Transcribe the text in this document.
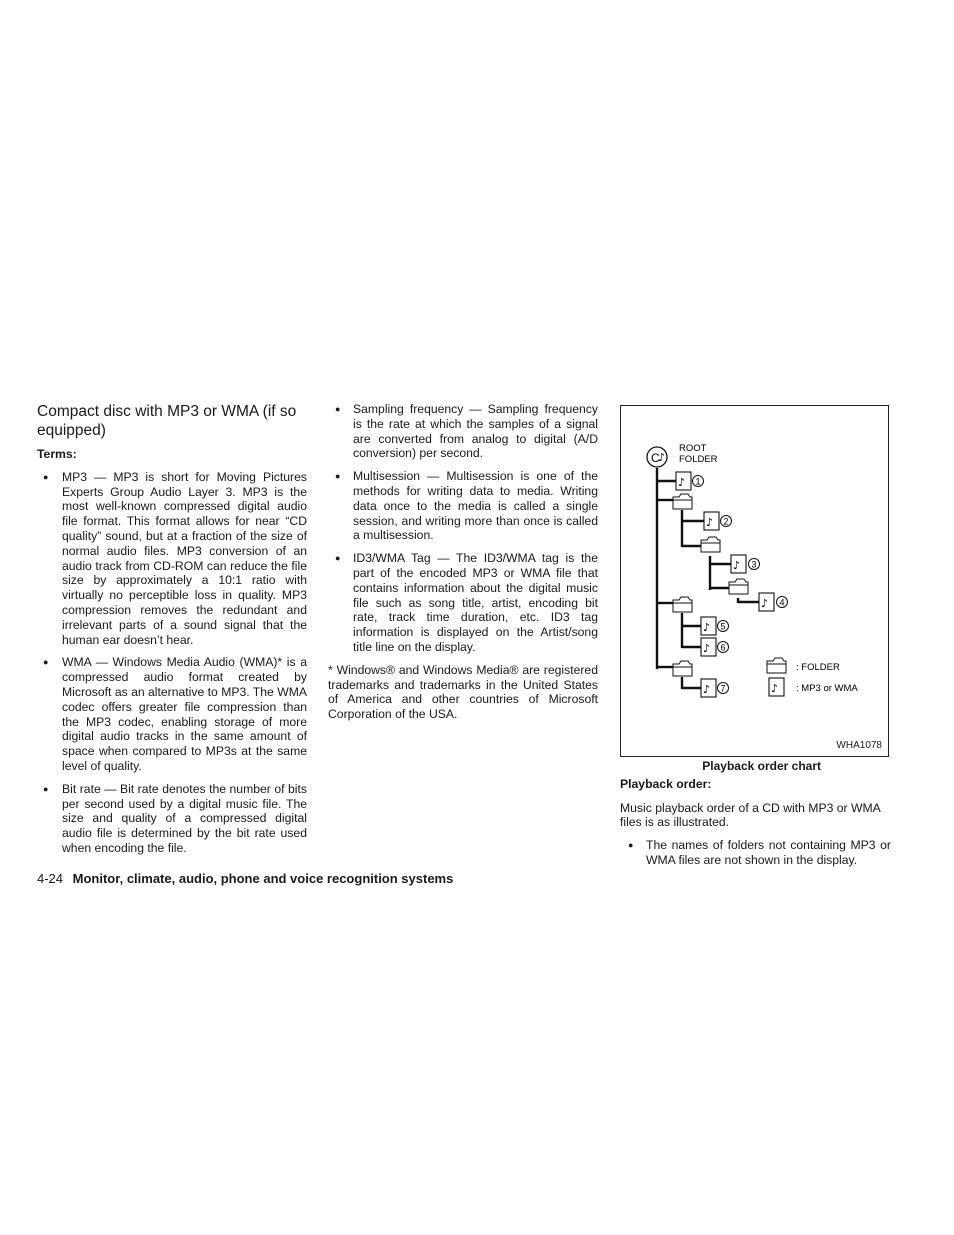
Compact disc with MP3 or WMA (if so equipped)
Terms:
● MP3 — MP3 is short for Moving Pictures Experts Group Audio Layer 3. MP3 is the most well-known compressed digital audio file format. This format allows for near “CD quality” sound, but at a fraction of the size of normal audio files. MP3 conversion of an audio track from CD-ROM can reduce the file size by approximately a 10:1 ratio with virtually no perceptible loss in quality. MP3 compression removes the redundant and irrelevant parts of a sound signal that the human ear doesn’t hear.
● WMA — Windows Media Audio (WMA)* is a compressed audio format created by Microsoft as an alternative to MP3. The WMA codec offers greater file compression than the MP3 codec, enabling storage of more digital audio tracks in the same amount of space when compared to MP3s at the same level of quality.
● Bit rate — Bit rate denotes the number of bits per second used by a digital music file. The size and quality of a compressed digital audio file is determined by the bit rate used when encoding the file.
● Sampling frequency — Sampling frequency is the rate at which the samples of a signal are converted from analog to digital (A/D conversion) per second.
● Multisession — Multisession is one of the methods for writing data to media. Writing data once to the media is called a single session, and writing more than once is called a multisession.
● ID3/WMA Tag — The ID3/WMA tag is the part of the encoded MP3 or WMA file that contains information about the digital music file such as song title, artist, encoding bit rate, track time duration, etc. ID3 tag information is displayed on the Artist/song title line on the display.

* Windows® and Windows Media® are registered trademarks and trademarks in the United States of America and other countries of Microsoft Corporation of the USA.

C
♪
ROOT
FOLDER
♪
♪
♪
♪
♪
♪
♪
1
2
3
4
5
6
7
: FOLDER
♪ : MP3 or WMA
WHA1078
Playback order chart
Playback order:

Music playback order of a CD with MP3 or WMA files is as illustrated.

● The names of folders not containing MP3 or WMA files are not shown in the display.
4-24 Monitor, climate, audio, phone and voice recognition systems
